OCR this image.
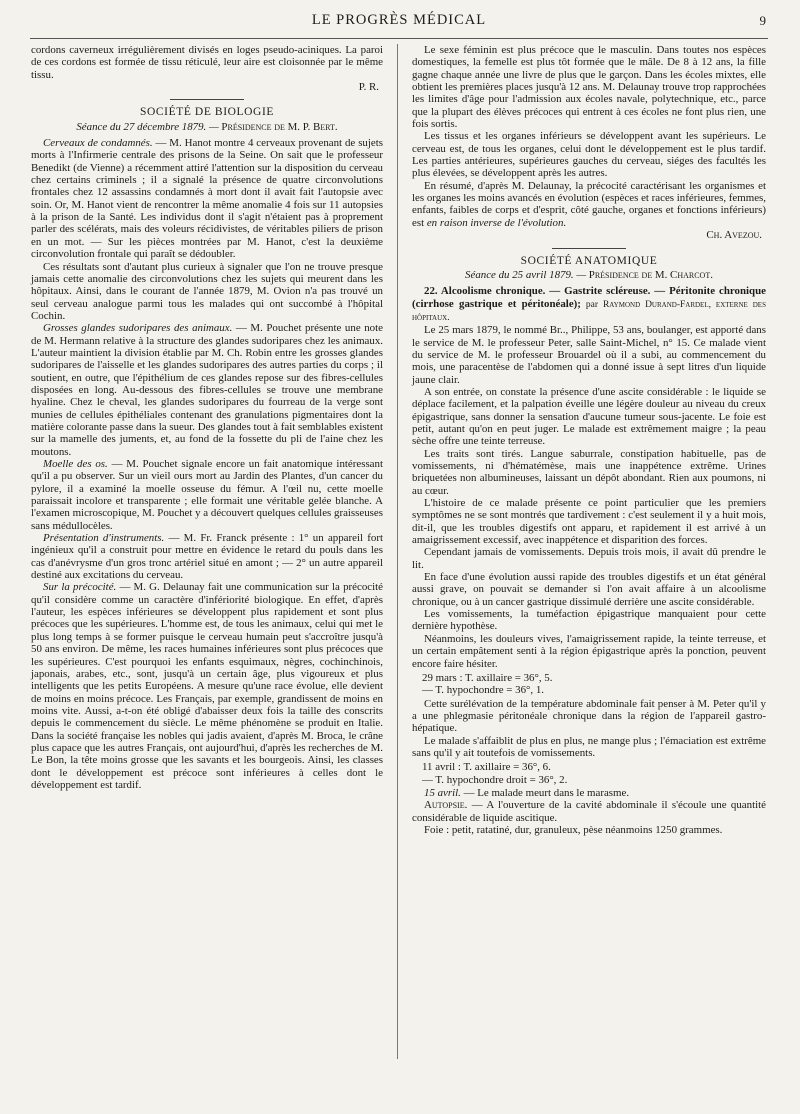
LE PROGRÈS MÉDICAL	9

cordons caverneux irrégulièrement divisés en loges pseudo-aciniques. La paroi de ces cordons est formée de tissu réticulé, leur aire est cloisonnée par le même tissu.

P. R.

SOCIÉTÉ DE BIOLOGIE
Séance du 27 décembre 1879. — Présidence de M. P. Bert.

Cerveaux de condamnés. — M. Hanot montre 4 cerveaux provenant de sujets morts à l'Infirmerie centrale des prisons de la Seine. On sait que le professeur Benedikt (de Vienne) a récemment attiré l'attention sur la disposition du cerveau chez certains criminels ; il a signalé la présence de quatre circonvolutions frontales chez 12 assassins condamnés à mort dont il avait fait l'autopsie avec soin. Or, M. Hanot vient de rencontrer la même anomalie 4 fois sur 11 autopsies à la prison de la Santé. Les individus dont il s'agit n'étaient pas à proprement parler des scélérats, mais des voleurs récidivistes, de véritables piliers de prison en un mot. — Sur les pièces montrées par M. Hanot, c'est la deuxième circonvolution frontale qui paraît se dédoubler.

Ces résultats sont d'autant plus curieux à signaler que l'on ne trouve presque jamais cette anomalie des circonvolutions chez les sujets qui meurent dans les hôpitaux. Ainsi, dans le courant de l'année 1879, M. Ovion n'a pas trouvé un seul cerveau analogue parmi tous les malades qui ont succombé à l'hôpital Cochin.

Grosses glandes sudoripares des animaux. — M. Pouchet présente une note de M. Hermann relative à la structure des glandes sudoripares chez les animaux. L'auteur maintient la division établie par M. Ch. Robin entre les grosses glandes sudoripares de l'aisselle et les glandes sudoripares des autres parties du corps ; il soutient, en outre, que l'épithélium de ces glandes repose sur des fibres-cellules disposées en long. Au-dessous des fibres-cellules se trouve une membrane hyaline. Chez le cheval, les glandes sudoripares du fourreau de la verge sont munies de cellules épithéliales contenant des granulations pigmentaires dont la matière colorante passe dans la sueur. Des glandes tout à fait semblables existent sur la mamelle des juments, et, au fond de la fossette du pli de l'aine chez les moutons.

Moelle des os. — M. Pouchet signale encore un fait anatomique intéressant qu'il a pu observer. Sur un vieil ours mort au Jardin des Plantes, d'un cancer du pylore, il a examiné la moelle osseuse du fémur. A l'œil nu, cette moelle paraissait incolore et transparente ; elle formait une véritable gelée blanche. A l'examen microscopique, M. Pouchet y a découvert quelques cellules graisseuses sans médullocèles.

Présentation d'instruments. — M. Fr. Franck présente : 1° un appareil fort ingénieux qu'il a construit pour mettre en évidence le retard du pouls dans les cas d'anévrysme d'un gros tronc artériel situé en amont ; — 2° un autre appareil destiné aux excitations du cerveau.

Sur la précocité. — M. G. Delaunay fait une communication sur la précocité qu'il considère comme un caractère d'infériorité biologique. En effet, d'après l'auteur, les espèces inférieures se développent plus rapidement et sont plus précoces que les supérieures. L'homme est, de tous les animaux, celui qui met le plus long temps à se former puisque le cerveau humain peut s'accroître jusqu'à 50 ans environ. De même, les races humaines inférieures sont plus précoces que les supérieures. C'est pourquoi les enfants esquimaux, nègres, cochinchinois, japonais, arabes, etc., sont, jusqu'à un certain âge, plus vigoureux et plus intelligents que les petits Européens. A mesure qu'une race évolue, elle devient de moins en moins précoce. Les Français, par exemple, grandissent de moins en moins vite. Aussi, a-t-on été obligé d'abaisser deux fois la taille des conscrits depuis le commencement du siècle. Le même phénomène se produit en Italie. Dans la société française les nobles qui jadis avaient, d'après M. Broca, le crâne plus capace que les autres Français, ont aujourd'hui, d'après les recherches de M. Le Bon, la tête moins grosse que les savants et les bourgeois. Ainsi, les classes dont le développement est précoce sont inférieures à celles dont le développement est tardif.

Le sexe féminin est plus précoce que le masculin. Dans toutes nos espèces domestiques, la femelle est plus tôt formée que le mâle. De 8 à 12 ans, la fille gagne chaque année une livre de plus que le garçon. Dans les écoles mixtes, elle obtient les premières places jusqu'à 12 ans. M. Delaunay trouve trop rapprochées les limites d'âge pour l'admission aux écoles navale, polytechnique, etc., parce que la plupart des élèves précoces qui entrent à ces écoles ne font plus rien, une fois sortis.

Les tissus et les organes inférieurs se développent avant les supérieurs. Le cerveau est, de tous les organes, celui dont le développement est le plus tardif. Les parties antérieures, supérieures gauches du cerveau, siéges des facultés les plus élevées, se développent après les autres.

En résumé, d'après M. Delaunay, la précocité caractérisant les organismes et les organes les moins avancés en évolution (espèces et races inférieures, femmes, enfants, faibles de corps et d'esprit, côté gauche, organes et fonctions inférieurs) est en raison inverse de l'évolution.

Ch. Avezou.

SOCIÉTÉ ANATOMIQUE
Séance du 25 avril 1879. — Présidence de M. Charcot.

22. Alcoolisme chronique. — Gastrite scléreuse. — Péritonite chronique (cirrhose gastrique et péritonéale); par Raymond Durand-Fardel, externe des hôpitaux.

Le 25 mars 1879, le nommé Br.., Philippe, 53 ans, boulanger, est apporté dans le service de M. le professeur Peter, salle Saint-Michel, n° 15. Ce malade vient du service de M. le professeur Brouardel où il a subi, au commencement du mois, une paracentèse de l'abdomen qui a donné issue à sept litres d'un liquide jaune clair.

A son entrée, on constate la présence d'une ascite considérable : le liquide se déplace facilement, et la palpation éveille une légère douleur au niveau du creux épigastrique, sans donner la sensation d'aucune tumeur sous-jacente. Le foie est petit, autant qu'on en peut juger. Le malade est extrêmement maigre ; la peau sèche offre une teinte terreuse.

Les traits sont tirés. Langue saburrale, constipation habituelle, pas de vomissements, ni d'hématémèse, mais une inappétence extrême. Urines briquetées non albumineuses, laissant un dépôt abondant. Rien aux poumons, ni au cœur.

L'histoire de ce malade présente ce point particulier que les premiers symptômes ne se sont montrés que tardivement : c'est seulement il y a huit mois, dit-il, que les troubles digestifs ont apparu, et rapidement il est arrivé à un amaigrissement excessif, avec inappétence et disparition des forces.

Cependant jamais de vomissements. Depuis trois mois, il avait dû prendre le lit.

En face d'une évolution aussi rapide des troubles digestifs et un état général aussi grave, on pouvait se demander si l'on avait affaire à un alcoolisme chronique, ou à un cancer gastrique dissimulé derrière une ascite considérable.

Les vomissements, la tuméfaction épigastrique manquaient pour cette dernière hypothèse.

Néanmoins, les douleurs vives, l'amaigrissement rapide, la teinte terreuse, et un certain empâtement senti à la région épigastrique après la ponction, peuvent encore faire hésiter.

29 mars : T. axillaire = 36°, 5.

— T. hypochondre = 36°, 1.

Cette surélévation de la température abdominale fait penser à M. Peter qu'il y a une phlegmasie péritonéale chronique dans la région de l'appareil gastro-hépatique.

Le malade s'affaiblit de plus en plus, ne mange plus ; l'émaciation est extrême sans qu'il y ait toutefois de vomissements.

11 avril : T. axillaire = 36°, 6.

— T. hypochondre droit = 36°, 2.

15 avril. — Le malade meurt dans le marasme.

Autopsie. — A l'ouverture de la cavité abdominale il s'écoule une quantité considérable de liquide ascitique.

Foie : petit, ratatiné, dur, granuleux, pèse néanmoins 1250 grammes.
